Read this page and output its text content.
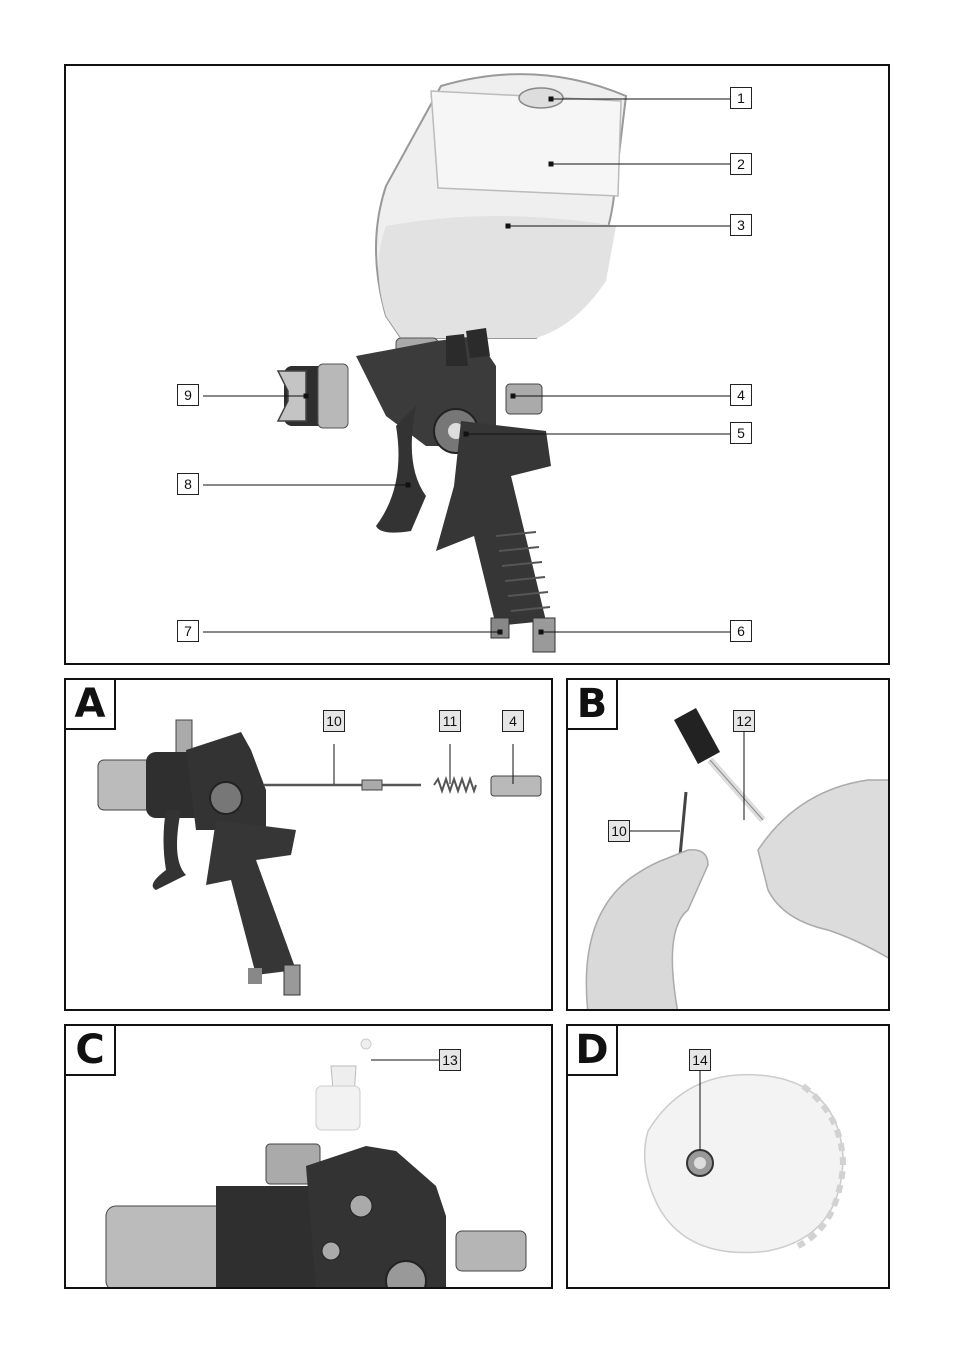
1
2
3
4
5
6
7
8
9
A	10	11	4 B	12
10
C	13	D	14
